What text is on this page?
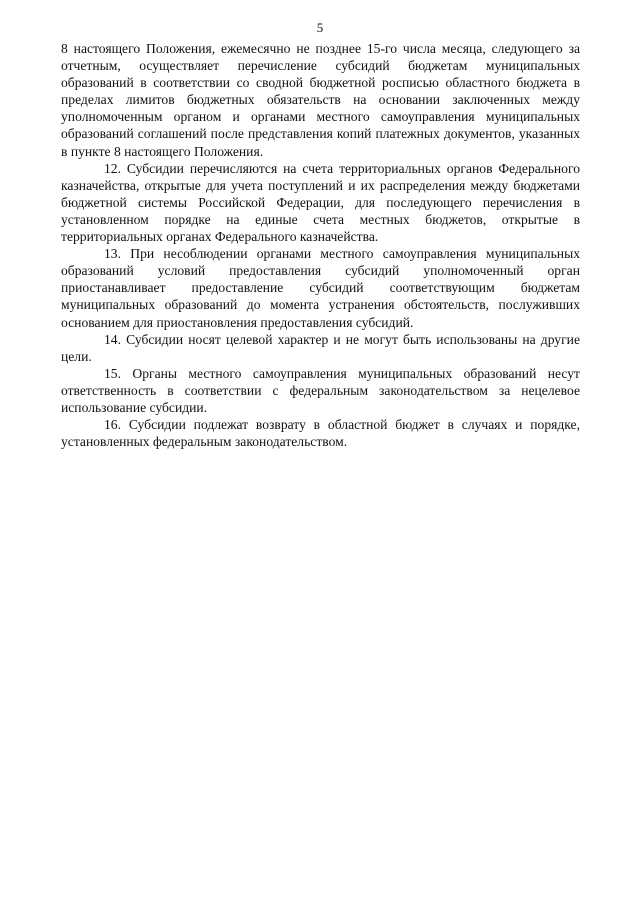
5

8 настоящего Положения, ежемесячно не позднее 15-го числа месяца, следующего за отчетным, осуществляет перечисление субсидий бюджетам муниципальных образований в соответствии со сводной бюджетной росписью областного бюджета в пределах лимитов бюджетных обязательств на основании заключенных между уполномоченным органом и органами местного самоуправления муниципальных образований соглашений после представления копий платежных документов, указанных в пункте 8 настоящего Положения.

12. Субсидии перечисляются на счета территориальных органов Федерального казначейства, открытые для учета поступлений и их распределения между бюджетами бюджетной системы Российской Федерации, для последующего перечисления в установленном порядке на единые счета местных бюджетов, открытые в территориальных органах Федерального казначейства.

13. При несоблюдении органами местного самоуправления муниципальных образований условий предоставления субсидий уполномоченный орган приостанавливает предоставление субсидий соответствующим бюджетам муниципальных образований до момента устранения обстоятельств, послуживших основанием для приостановления предоставления субсидий.

14. Субсидии носят целевой характер и не могут быть использованы на другие цели.

15. Органы местного самоуправления муниципальных образований несут ответственность в соответствии с федеральным законодательством за нецелевое использование субсидии.

16. Субсидии подлежат возврату в областной бюджет в случаях и порядке, установленных федеральным законодательством.
